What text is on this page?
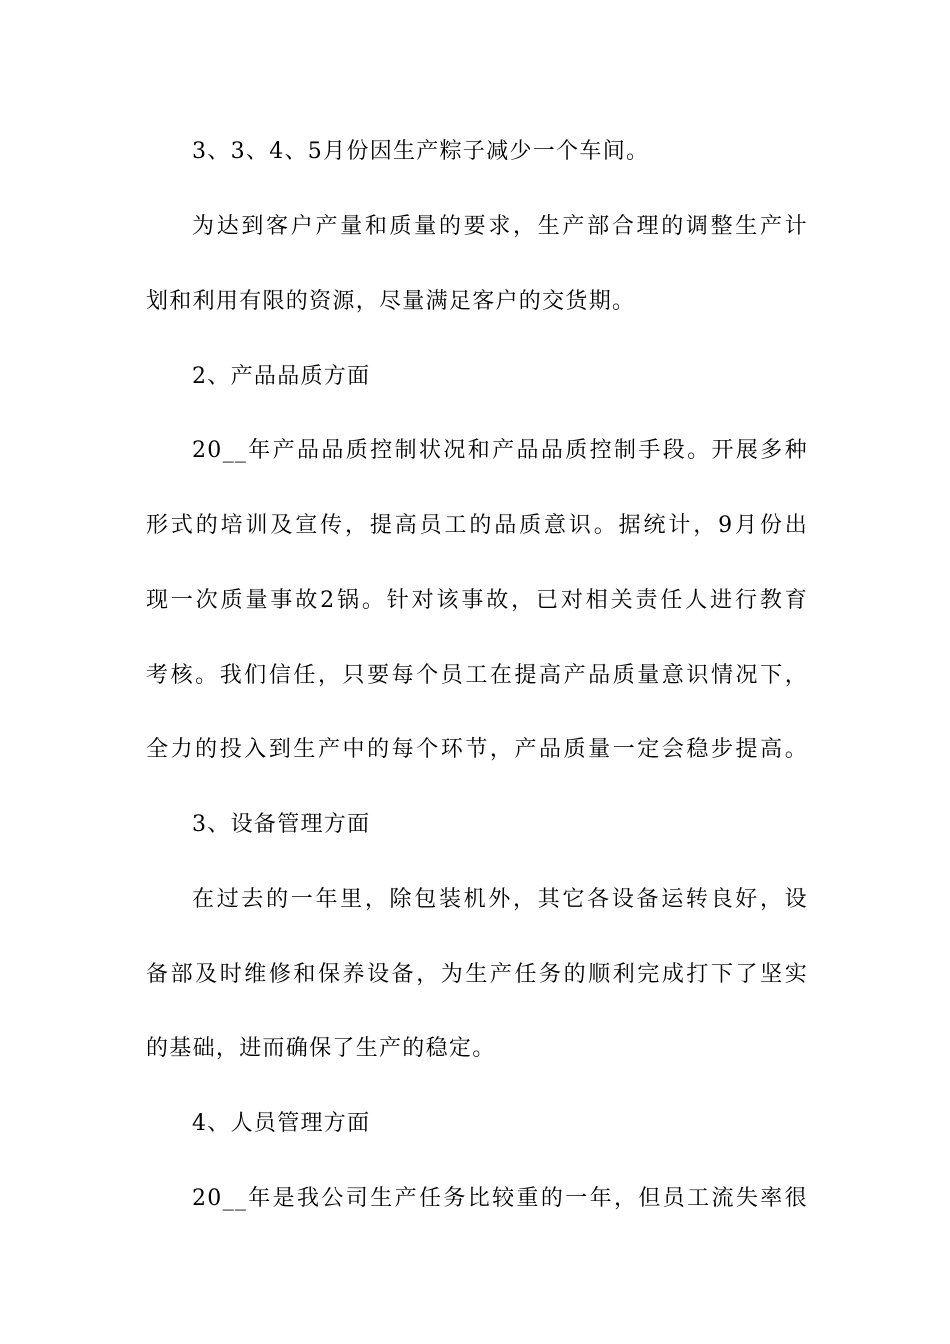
3、3、4、5月份因生产粽子减少一个车间。
为达到客户产量和质量的要求，生产部合理的调整生产计
划和利用有限的资源，尽量满足客户的交货期。
2、产品品质方面
20__年产品品质控制状况和产品品质控制手段。开展多种
形式的培训及宣传，提高员工的品质意识。据统计，9月份出
现一次质量事故2锅。针对该事故，已对相关责任人进行教育
考核。我们信任，只要每个员工在提高产品质量意识情况下，
全力的投入到生产中的每个环节，产品质量一定会稳步提高。
3、设备管理方面
在过去的一年里，除包装机外，其它各设备运转良好，设
备部及时维修和保养设备，为生产任务的顺利完成打下了坚实
的基础，进而确保了生产的稳定。
4、人员管理方面
20__年是我公司生产任务比较重的一年，但员工流失率很
